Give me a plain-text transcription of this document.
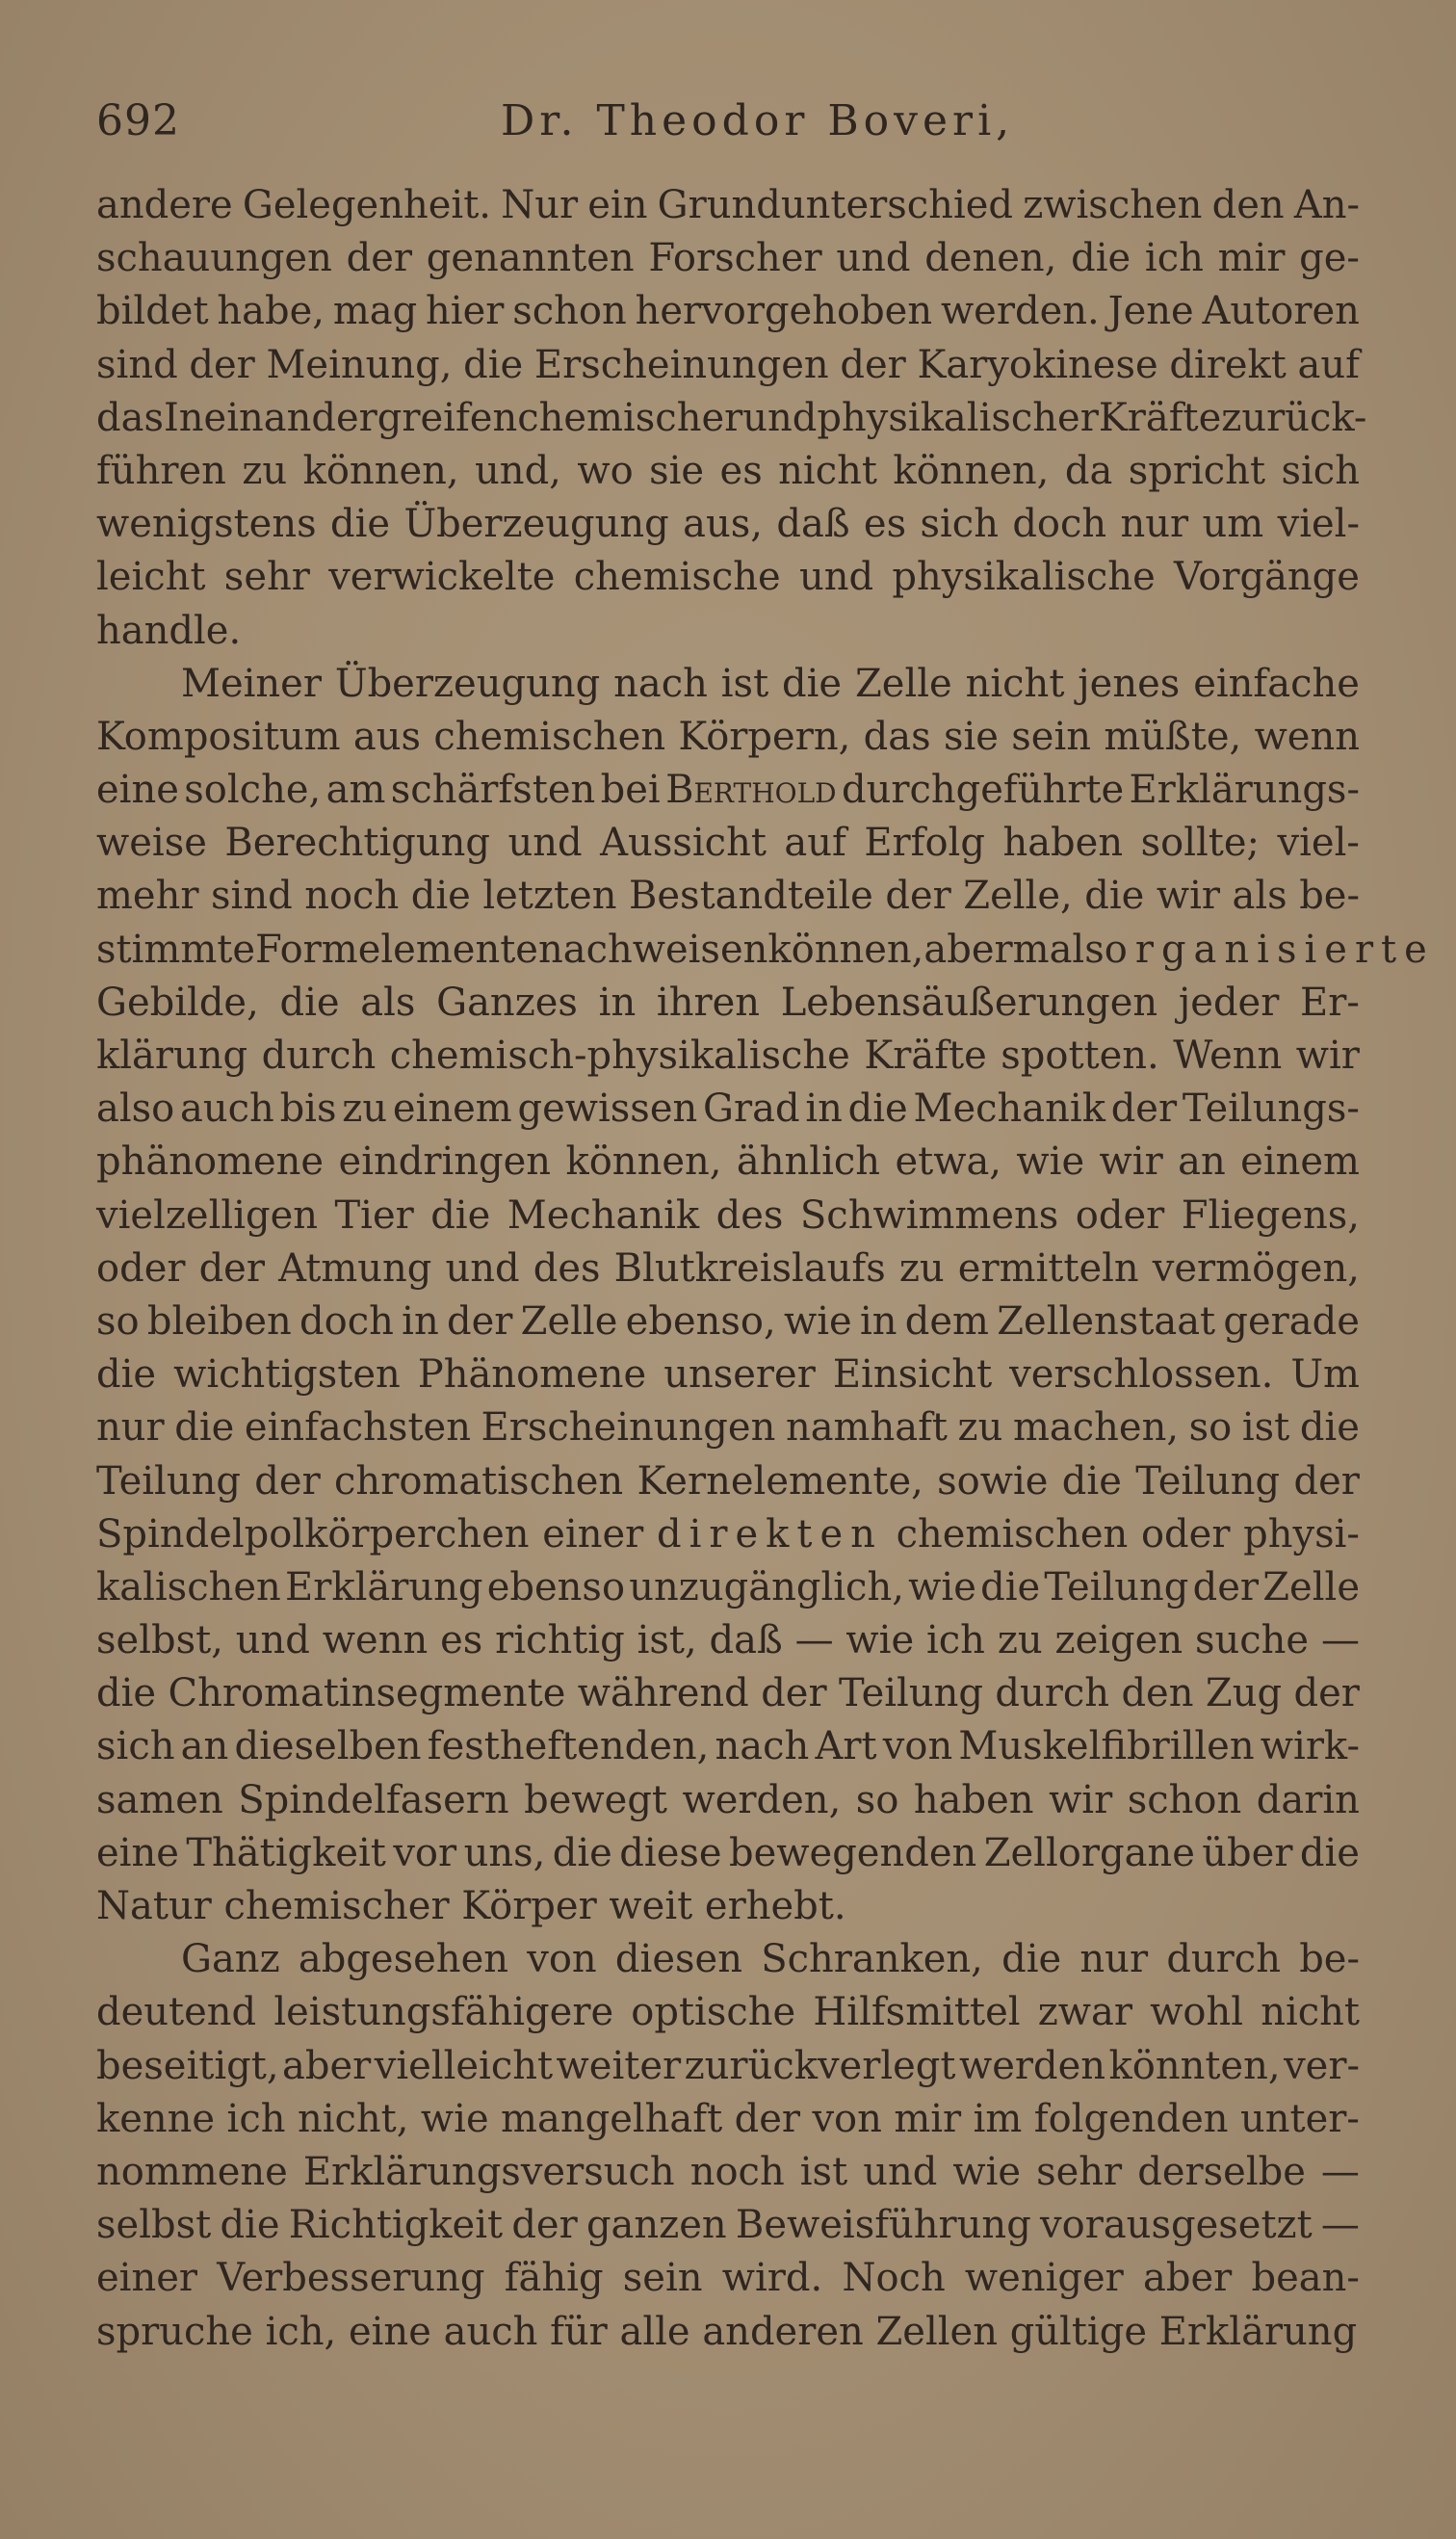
692	Dr. Theodor Boveri,
andere Gelegenheit. Nur ein Grundunterschied zwischen den An-
schauungen der genannten Forscher und denen, die ich mir ge-
bildet habe, mag hier schon hervorgehoben werden. Jene Autoren
sind der Meinung, die Erscheinungen der Karyokinese direkt auf
das Ineinandergreifen chemischer und physikalischer Kräfte zurück-
führen zu können, und, wo sie es nicht können, da spricht sich
wenigstens die Überzeugung aus, daß es sich doch nur um viel-
leicht sehr verwickelte chemische und physikalische Vorgänge
handle.
Meiner Überzeugung nach ist die Zelle nicht jenes einfache
Kompositum aus chemischen Körpern, das sie sein müßte, wenn
eine solche, am schärfsten bei Berthold durchgeführte Erklärungs-
weise Berechtigung und Aussicht auf Erfolg haben sollte; viel-
mehr sind noch die letzten Bestandteile der Zelle, die wir als be-
stimmte Formelemente nachweisen können, abermals organisierte
Gebilde, die als Ganzes in ihren Lebensäußerungen jeder Er-
klärung durch chemisch-physikalische Kräfte spotten. Wenn wir
also auch bis zu einem gewissen Grad in die Mechanik der Teilungs-
phänomene eindringen können, ähnlich etwa, wie wir an einem
vielzelligen Tier die Mechanik des Schwimmens oder Fliegens,
oder der Atmung und des Blutkreislaufs zu ermitteln vermögen,
so bleiben doch in der Zelle ebenso, wie in dem Zellenstaat gerade
die wichtigsten Phänomene unserer Einsicht verschlossen. Um
nur die einfachsten Erscheinungen namhaft zu machen, so ist die
Teilung der chromatischen Kernelemente, sowie die Teilung der
Spindelpolkörperchen einer direkten chemischen oder physi-
kalischen Erklärung ebenso unzugänglich, wie die Teilung der Zelle
selbst, und wenn es richtig ist, daß — wie ich zu zeigen suche —
die Chromatinsegmente während der Teilung durch den Zug der
sich an dieselben festheftenden, nach Art von Muskelfibrillen wirk-
samen Spindelfasern bewegt werden, so haben wir schon darin
eine Thätigkeit vor uns, die diese bewegenden Zellorgane über die
Natur chemischer Körper weit erhebt.
Ganz abgesehen von diesen Schranken, die nur durch be-
deutend leistungsfähigere optische Hilfsmittel zwar wohl nicht
beseitigt, aber vielleicht weiter zurückverlegt werden könnten, ver-
kenne ich nicht, wie mangelhaft der von mir im folgenden unter-
nommene Erklärungsversuch noch ist und wie sehr derselbe —
selbst die Richtigkeit der ganzen Beweisführung vorausgesetzt —
einer Verbesserung fähig sein wird. Noch weniger aber bean-
spruche ich, eine auch für alle anderen Zellen gültige Erklärung
